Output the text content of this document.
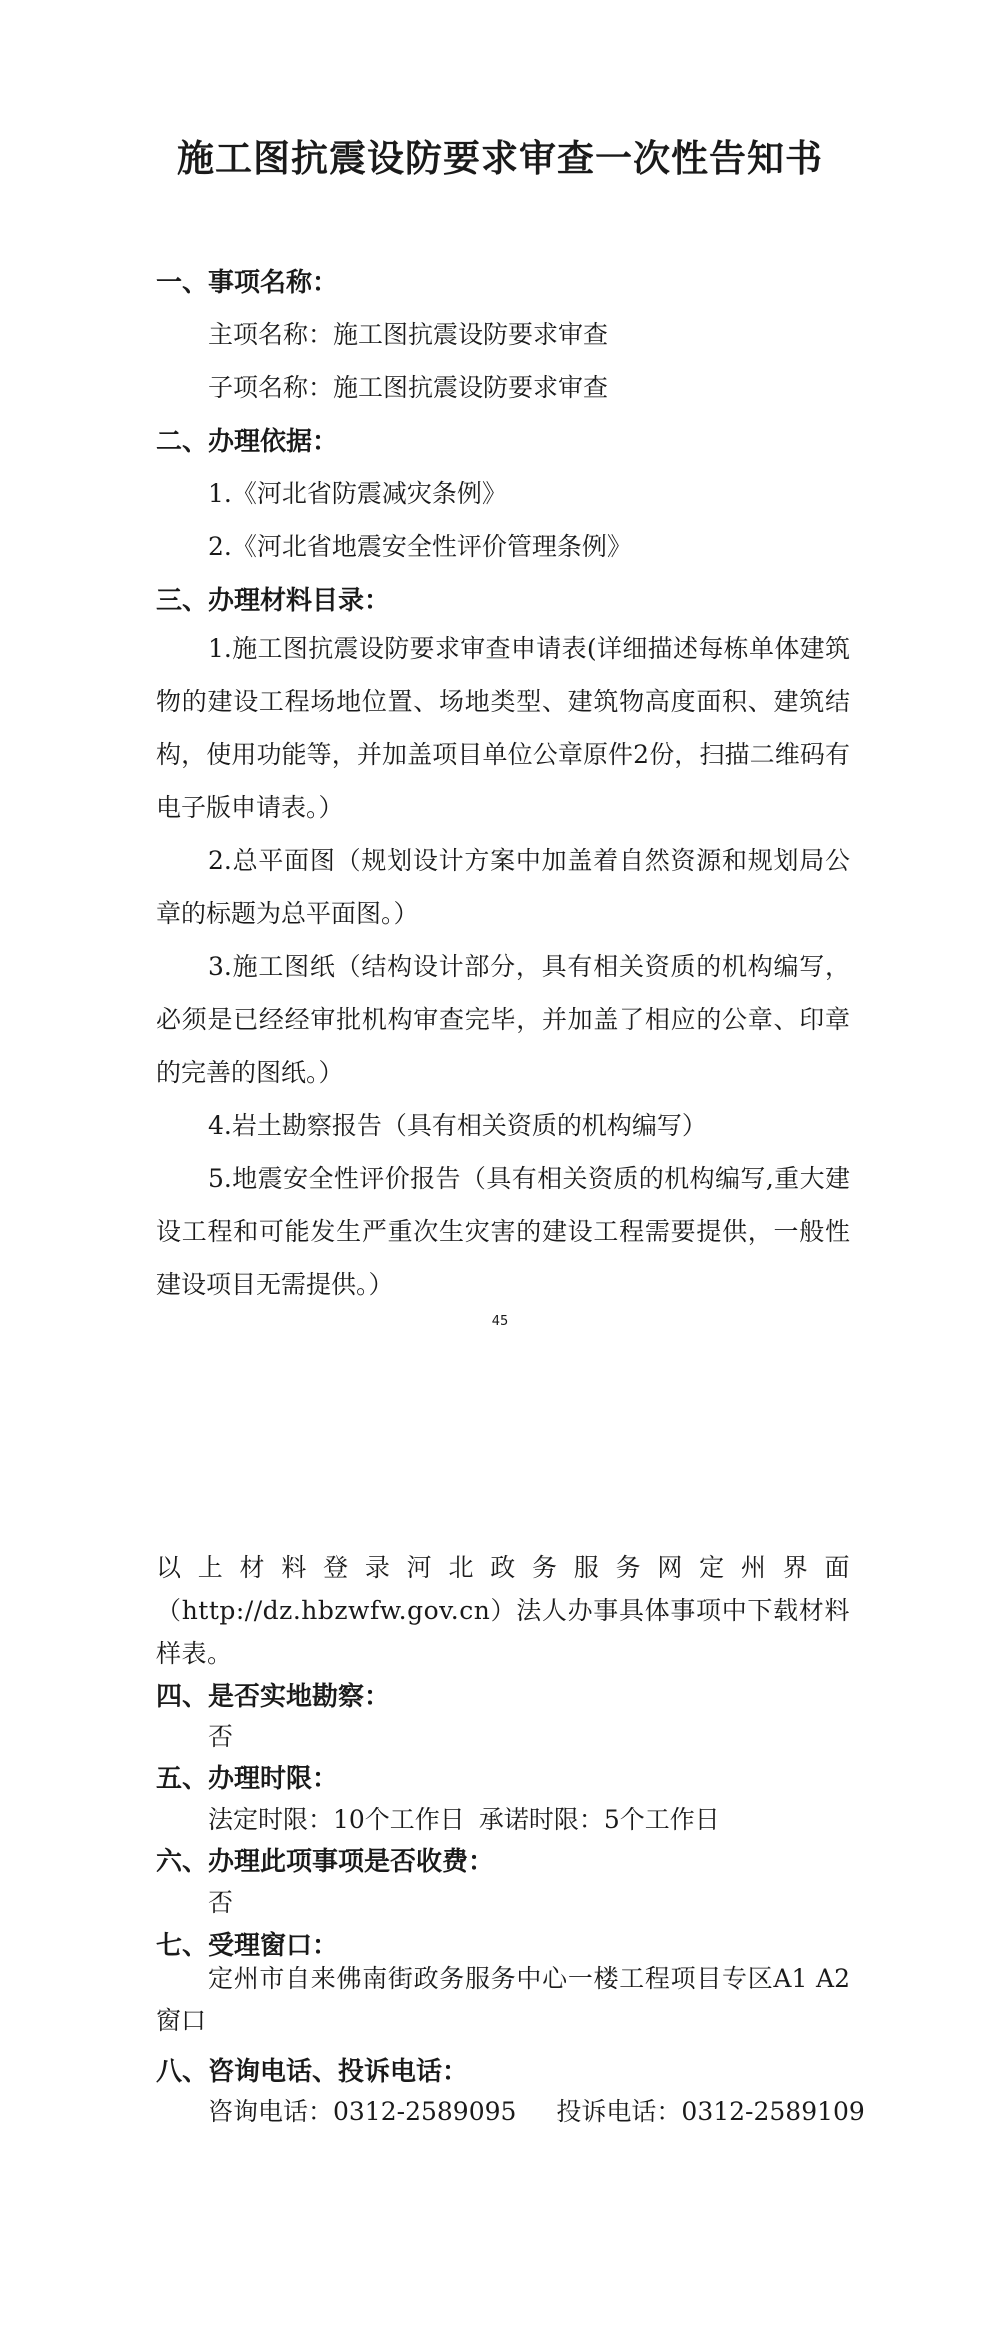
施工图抗震设防要求审查一次性告知书
一、事项名称：
主项名称：施工图抗震设防要求审查
子项名称：施工图抗震设防要求审查
二、办理依据：
1.《河北省防震减灾条例》
2.《河北省地震安全性评价管理条例》
三、办理材料目录：

1.施工图抗震设防要求审查申请表(详细描述每栋单体建筑物的建设工程场地位置、场地类型、建筑物高度面积、建筑结构，使用功能等，并加盖项目单位公章原件2份，扫描二维码有电子版申请表。）

2.总平面图（规划设计方案中加盖着自然资源和规划局公章的标题为总平面图。）

3.施工图纸（结构设计部分，具有相关资质的机构编写，必须是已经经审批机构审查完毕，并加盖了相应的公章、印章的完善的图纸。）

4.岩土勘察报告（具有相关资质的机构编写）

5.地震安全性评价报告（具有相关资质的机构编写,重大建设工程和可能发生严重次生灾害的建设工程需要提供，一般性建设项目无需提供。）

45

以上材料登录河北政务服务网定州界面（http://dz.hbzwfw.gov.cn）法人办事具体事项中下载材料样表。

四、是否实地勘察：
否
五、办理时限：
法定时限：10个工作日 承诺时限：5个工作日
六、办理此项事项是否收费：
否
七、受理窗口：

定州市自来佛南街政务服务中心一楼工程项目专区A1 A2窗口

八、咨询电话、投诉电话：
咨询电话：0312-2589095 投诉电话：0312-2589109
